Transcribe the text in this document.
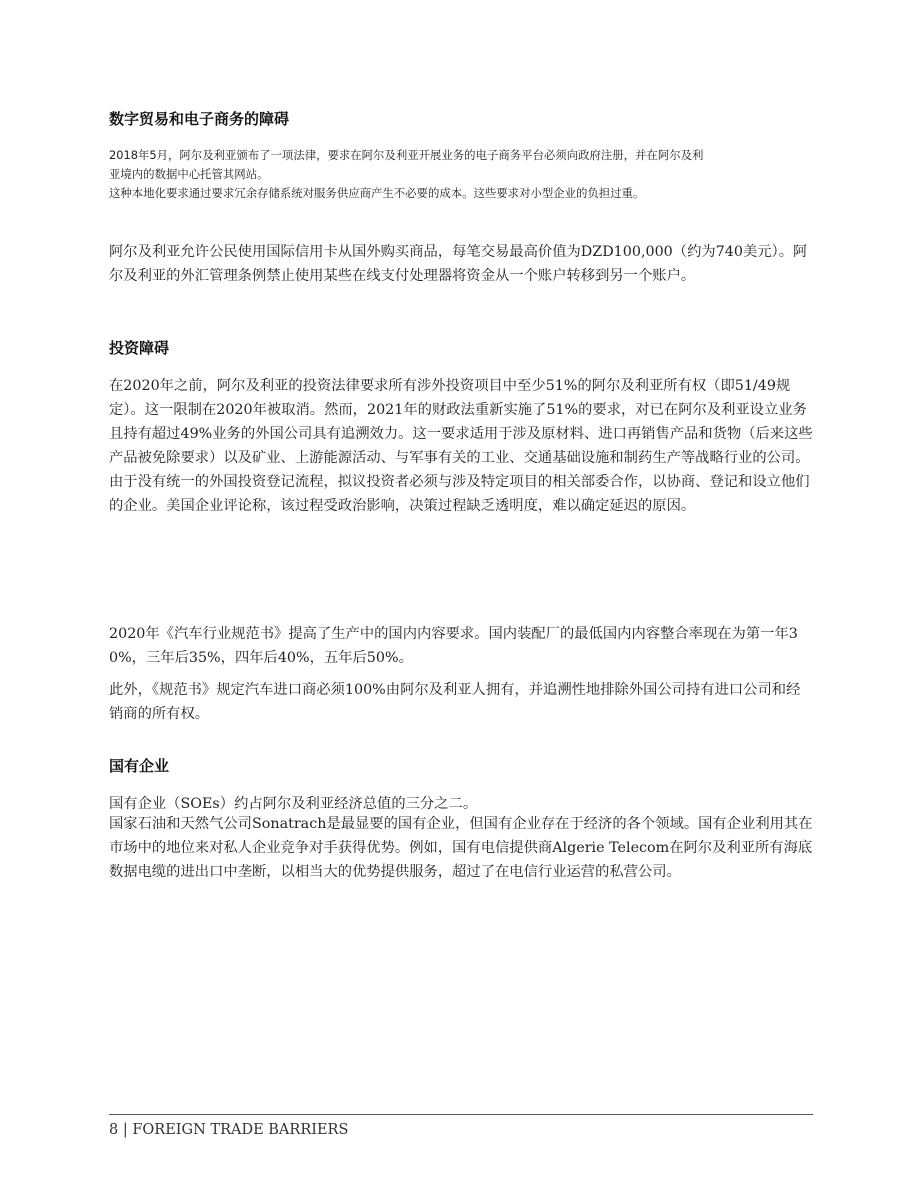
数字贸易和电子商务的障碍
2018年5月，阿尔及利亚颁布了一项法律，要求在阿尔及利亚开展业务的电子商务平台必须向政府注册，并在阿尔及利
亚境内的数据中心托管其网站。
这种本地化要求通过要求冗余存储系统对服务供应商产生不必要的成本。这些要求对小型企业的负担过重。

阿尔及利亚允许公民使用国际信用卡从国外购买商品，每笔交易最高价值为DZD100,000（约为740美元）。阿尔及利亚的外汇管理条例禁止使用某些在线支付处理器将资金从一个账户转移到另一个账户。

投资障碍

在2020年之前，阿尔及利亚的投资法律要求所有涉外投资项目中至少51%的阿尔及利亚所有权（即51/49规定）。这一限制在2020年被取消。然而，2021年的财政法重新实施了51%的要求，对已在阿尔及利亚设立业务且持有超过49%业务的外国公司具有追溯效力。这一要求适用于涉及原材料、进口再销售产品和货物（后来这些产品被免除要求）以及矿业、上游能源活动、与军事有关的工业、交通基础设施和制药生产等战略行业的公司。由于没有统一的外国投资登记流程，拟议投资者必须与涉及特定项目的相关部委合作，以协商、登记和设立他们的企业。美国企业评论称，该过程受政治影响，决策过程缺乏透明度，难以确定延迟的原因。

2020年《汽车行业规范书》提高了生产中的国内内容要求。国内装配厂的最低国内内容整合率现在为第一年30%，三年后35%，四年后40%，五年后50%。

此外，《规范书》规定汽车进口商必须100%由阿尔及利亚人拥有，并追溯性地排除外国公司持有进口公司和经销商的所有权。

国有企业

国有企业（SOEs）约占阿尔及利亚经济总值的三分之二。

国家石油和天然气公司Sonatrach是最显要的国有企业，但国有企业存在于经济的各个领域。国有企业利用其在市场中的地位来对私人企业竞争对手获得优势。例如，国有电信提供商Algerie Telecom在阿尔及利亚所有海底数据电缆的进出口中垄断，以相当大的优势提供服务，超过了在电信行业运营的私营公司。

8 | FOREIGN TRADE BARRIERS
